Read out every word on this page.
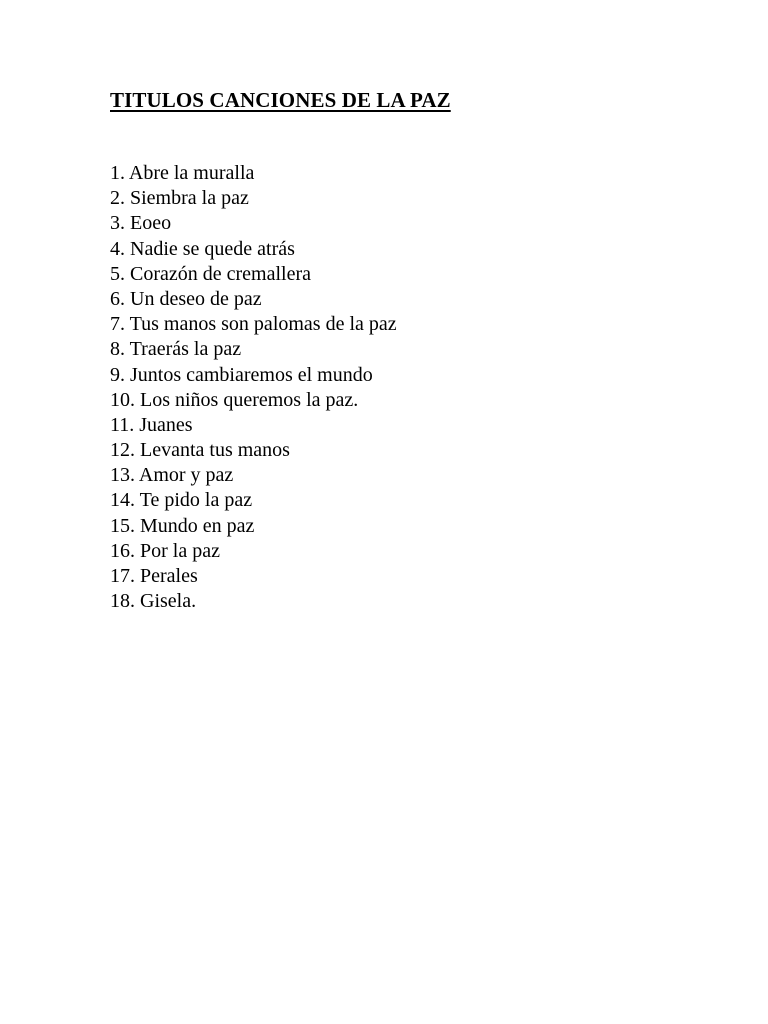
TITULOS CANCIONES DE LA PAZ
1. Abre la muralla
2. Siembra la paz
3. Eoeo
4. Nadie se quede atrás
5. Corazón de cremallera
6. Un deseo de paz
7. Tus manos son palomas de la paz
8. Traerás la paz
9. Juntos cambiaremos el mundo
10. Los niños queremos la paz.
11. Juanes
12. Levanta tus manos
13. Amor y paz
14. Te pido la paz
15. Mundo en paz
16. Por la paz
17. Perales
18. Gisela.
